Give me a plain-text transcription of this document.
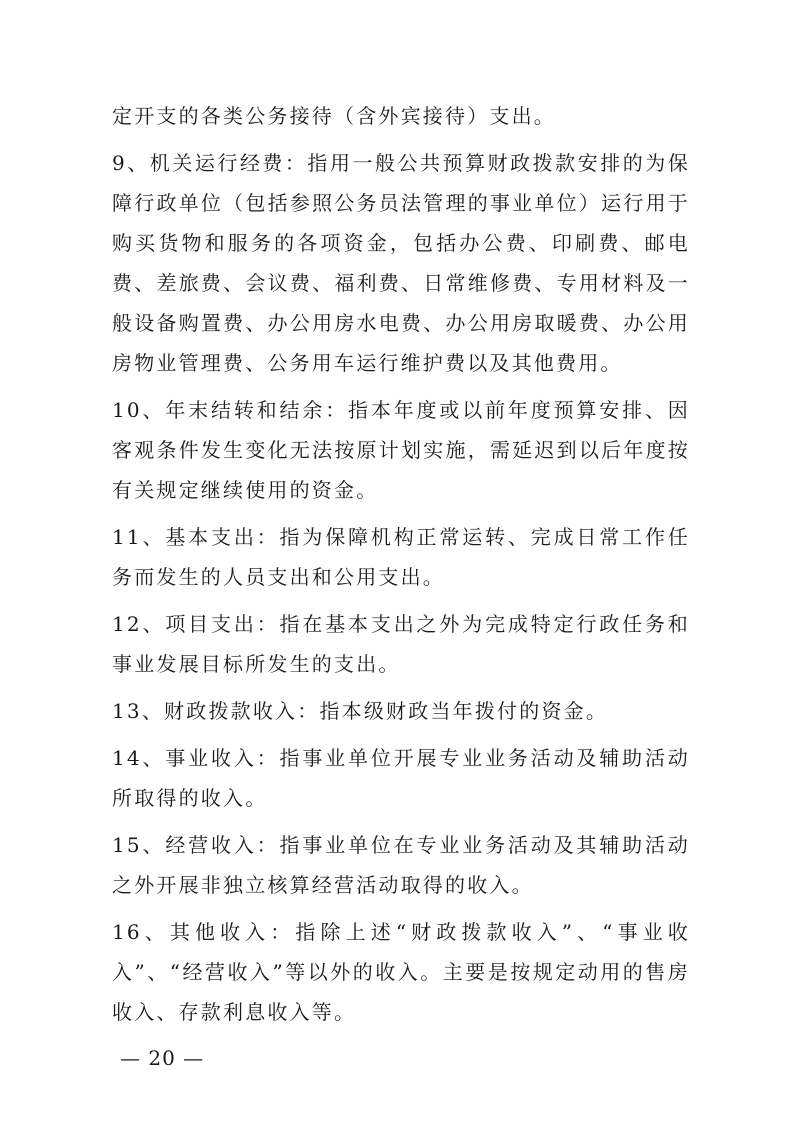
定开支的各类公务接待（含外宾接待）支出。

9、机关运行经费：指用一般公共预算财政拨款安排的为保障行政单位（包括参照公务员法管理的事业单位）运行用于购买货物和服务的各项资金，包括办公费、印刷费、邮电费、差旅费、会议费、福利费、日常维修费、专用材料及一般设备购置费、办公用房水电费、办公用房取暖费、办公用房物业管理费、公务用车运行维护费以及其他费用。

10、年末结转和结余：指本年度或以前年度预算安排、因客观条件发生变化无法按原计划实施，需延迟到以后年度按有关规定继续使用的资金。

11、基本支出：指为保障机构正常运转、完成日常工作任务而发生的人员支出和公用支出。

12、项目支出：指在基本支出之外为完成特定行政任务和事业发展目标所发生的支出。

13、财政拨款收入：指本级财政当年拨付的资金。

14、事业收入：指事业单位开展专业业务活动及辅助活动所取得的收入。

15、经营收入：指事业单位在专业业务活动及其辅助活动之外开展非独立核算经营活动取得的收入。

16、其他收入：指除上述“财政拨款收入”、“事业收入”、“经营收入”等以外的收入。主要是按规定动用的售房收入、存款利息收入等。

— 20 —
